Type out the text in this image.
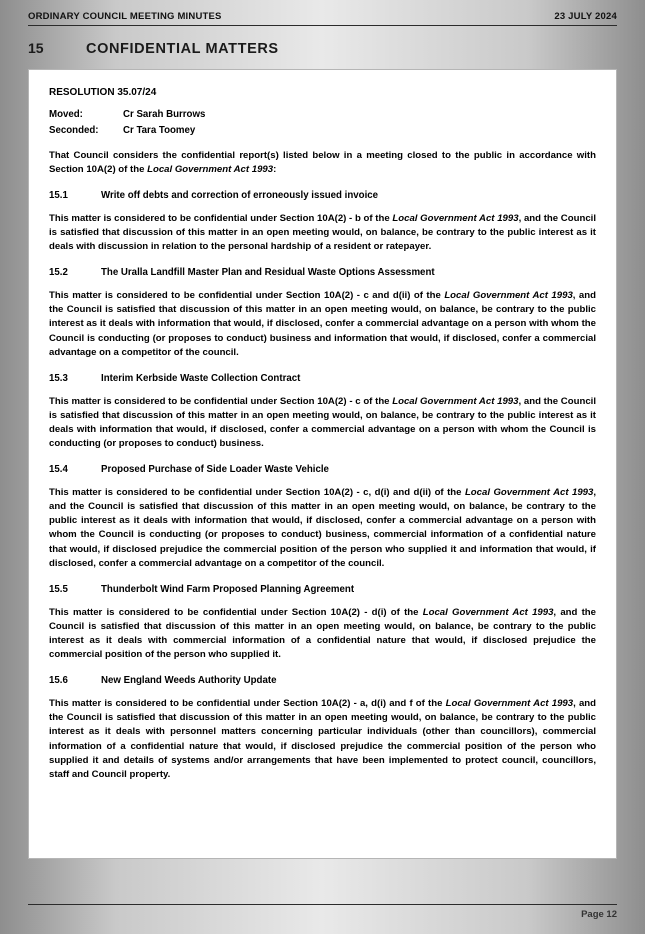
ORDINARY COUNCIL MEETING MINUTES	23 JULY 2024
15	CONFIDENTIAL MATTERS
RESOLUTION 35.07/24
Moved:	Cr Sarah Burrows
Seconded:	Cr Tara Toomey

That Council considers the confidential report(s) listed below in a meeting closed to the public in accordance with Section 10A(2) of the Local Government Act 1993:

15.1	Write off debts and correction of erroneously issued invoice

This matter is considered to be confidential under Section 10A(2) - b of the Local Government Act 1993, and the Council is satisfied that discussion of this matter in an open meeting would, on balance, be contrary to the public interest as it deals with discussion in relation to the personal hardship of a resident or ratepayer.

15.2	The Uralla Landfill Master Plan and Residual Waste Options Assessment

This matter is considered to be confidential under Section 10A(2) - c and d(ii) of the Local Government Act 1993, and the Council is satisfied that discussion of this matter in an open meeting would, on balance, be contrary to the public interest as it deals with information that would, if disclosed, confer a commercial advantage on a person with whom the Council is conducting (or proposes to conduct) business and information that would, if disclosed, confer a commercial advantage on a competitor of the council.

15.3	Interim Kerbside Waste Collection Contract

This matter is considered to be confidential under Section 10A(2) - c of the Local Government Act 1993, and the Council is satisfied that discussion of this matter in an open meeting would, on balance, be contrary to the public interest as it deals with information that would, if disclosed, confer a commercial advantage on a person with whom the Council is conducting (or proposes to conduct) business.

15.4	Proposed Purchase of Side Loader Waste Vehicle

This matter is considered to be confidential under Section 10A(2) - c, d(i) and d(ii) of the Local Government Act 1993, and the Council is satisfied that discussion of this matter in an open meeting would, on balance, be contrary to the public interest as it deals with information that would, if disclosed, confer a commercial advantage on a person with whom the Council is conducting (or proposes to conduct) business, commercial information of a confidential nature that would, if disclosed prejudice the commercial position of the person who supplied it and information that would, if disclosed, confer a commercial advantage on a competitor of the council.

15.5	Thunderbolt Wind Farm Proposed Planning Agreement

This matter is considered to be confidential under Section 10A(2) - d(i) of the Local Government Act 1993, and the Council is satisfied that discussion of this matter in an open meeting would, on balance, be contrary to the public interest as it deals with commercial information of a confidential nature that would, if disclosed prejudice the commercial position of the person who supplied it.

15.6	New England Weeds Authority Update

This matter is considered to be confidential under Section 10A(2) - a, d(i) and f of the Local Government Act 1993, and the Council is satisfied that discussion of this matter in an open meeting would, on balance, be contrary to the public interest as it deals with personnel matters concerning particular individuals (other than councillors), commercial information of a confidential nature that would, if disclosed prejudice the commercial position of the person who supplied it and details of systems and/or arrangements that have been implemented to protect council, councillors, staff and Council property.

Page 12
